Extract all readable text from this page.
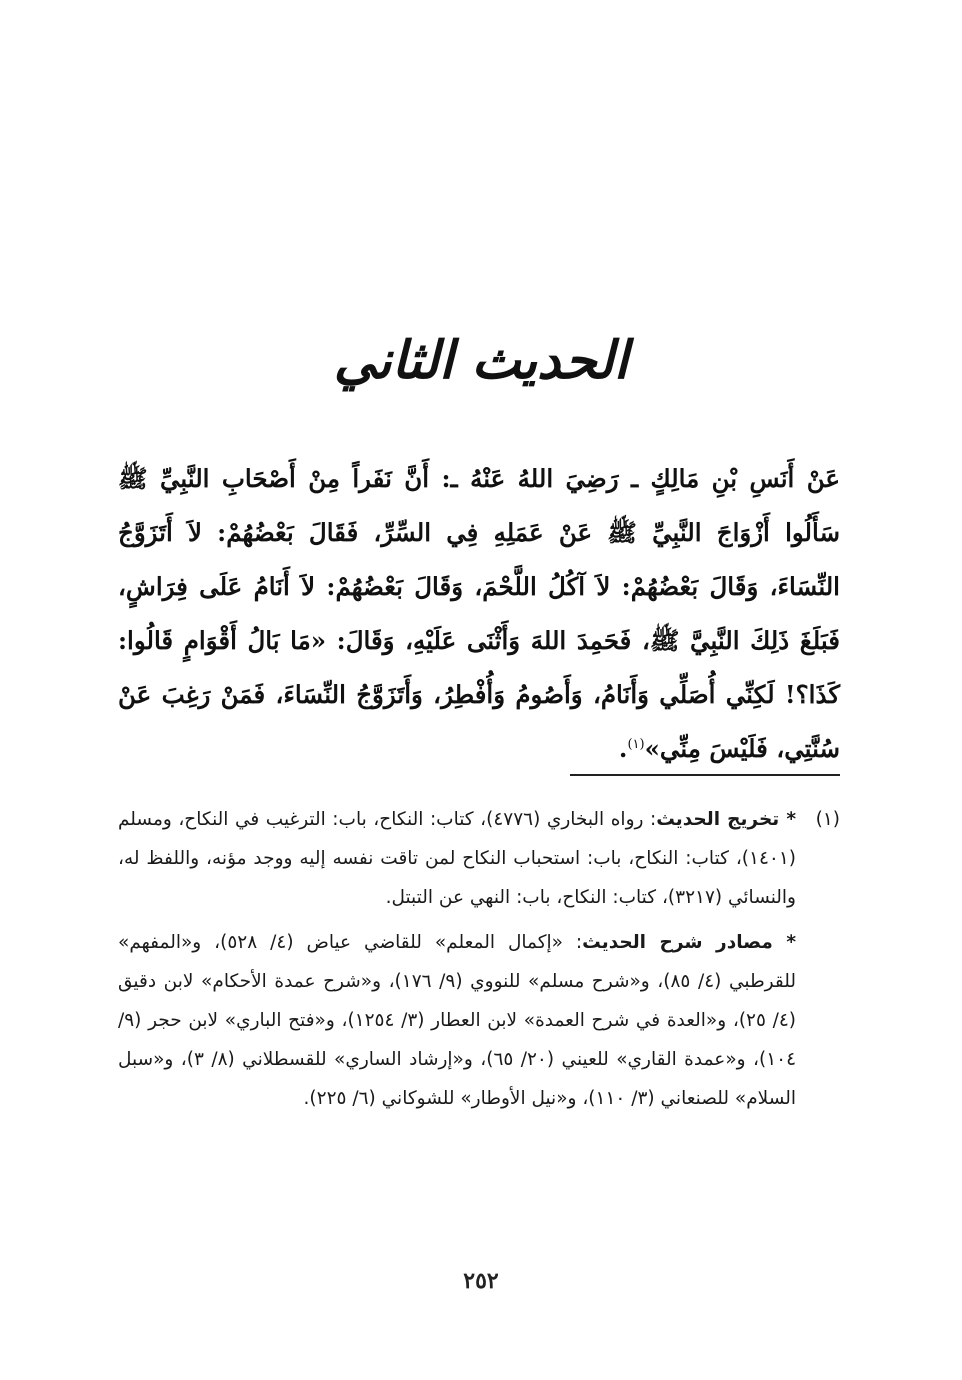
الحديث الثاني
عَنْ أَنَسِ بْنِ مَالِكٍ ـ رَضِيَ اللهُ عَنْهُ ـ: أَنَّ نَفَراً مِنْ أَصْحَابِ النَّبِيِّ ﷺ سَأَلُوا أَزْوَاجَ النَّبِيِّ ﷺ عَنْ عَمَلِهِ فِي السِّرِّ، فَقَالَ بَعْضُهُمْ: لاَ أَتَزَوَّجُ النِّسَاءَ، وَقَالَ بَعْضُهُمْ: لاَ آكُلُ اللَّحْمَ، وَقَالَ بَعْضُهُمْ: لاَ أَنَامُ عَلَى فِرَاشٍ، فَبَلَغَ ذَلِكَ النَّبِيَّ ﷺ، فَحَمِدَ اللهَ وَأَثْنَى عَلَيْهِ، وَقَالَ: «مَا بَالُ أَقْوَامٍ قَالُوا: كَذَا؟! لَكِنِّي أُصَلِّي وَأَنَامُ، وَأَصُومُ وَأُفْطِرُ، وَأَتَزَوَّجُ النِّسَاءَ، فَمَنْ رَغِبَ عَنْ سُنَّتِي، فَلَيْسَ مِنِّي»$^{(١)}$.
(١)

* تخريج الحديث: رواه البخاري (٤٧٧٦)، كتاب: النكاح، باب: الترغيب في النكاح، ومسلم (١٤٠١)، كتاب: النكاح، باب: استحباب النكاح لمن تاقت نفسه إليه ووجد مؤنه، واللفظ له، والنسائي (٣٢١٧)، كتاب: النكاح، باب: النهي عن التبتل.

* مصادر شرح الحديث: «إكمال المعلم» للقاضي عياض (٤/ ٥٢٨)، و«المفهم» للقرطبي (٤/ ٨٥)، و«شرح مسلم» للنووي (٩/ ١٧٦)، و«شرح عمدة الأحكام» لابن دقيق (٤/ ٢٥)، و«العدة في شرح العمدة» لابن العطار (٣/ ١٢٥٤)، و«فتح الباري» لابن حجر (٩/ ١٠٤)، و«عمدة القاري» للعيني (٢٠/ ٦٥)، و«إرشاد الساري» للقسطلاني (٨/ ٣)، و«سبل السلام» للصنعاني (٣/ ١١٠)، و«نيل الأوطار» للشوكاني (٦/ ٢٢٥).

٢٥٢
